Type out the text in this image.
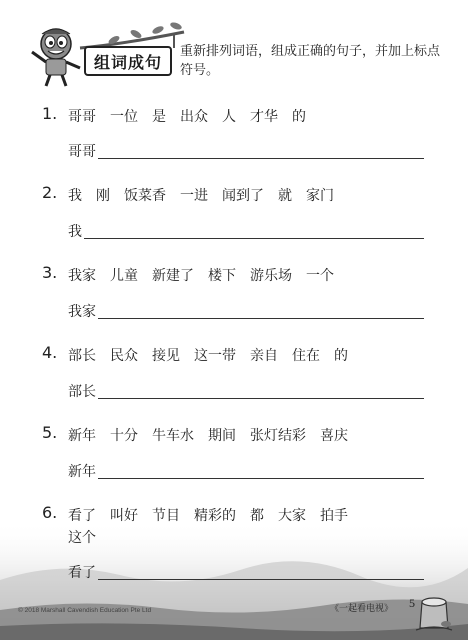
组词成句
重新排列词语，组成正确的句子，并加上标点符号。
1. 哥哥 一位 是 出众 人 才华 的
哥哥
2. 我 刚 饭菜香 一进 闻到了 就 家门
我
3. 我家 儿童 新建了 楼下 游乐场 一个
我家
4. 部长 民众 接见 这一带 亲自 住在 的
部长
5. 新年 十分 牛车水 期间 张灯结彩 喜庆
新年
6. 看了 叫好 节目 精彩的 都 大家 拍手
这个
看了
© 2018 Marshall Cavendish Education Pte Ltd	《一起看电视》 5
